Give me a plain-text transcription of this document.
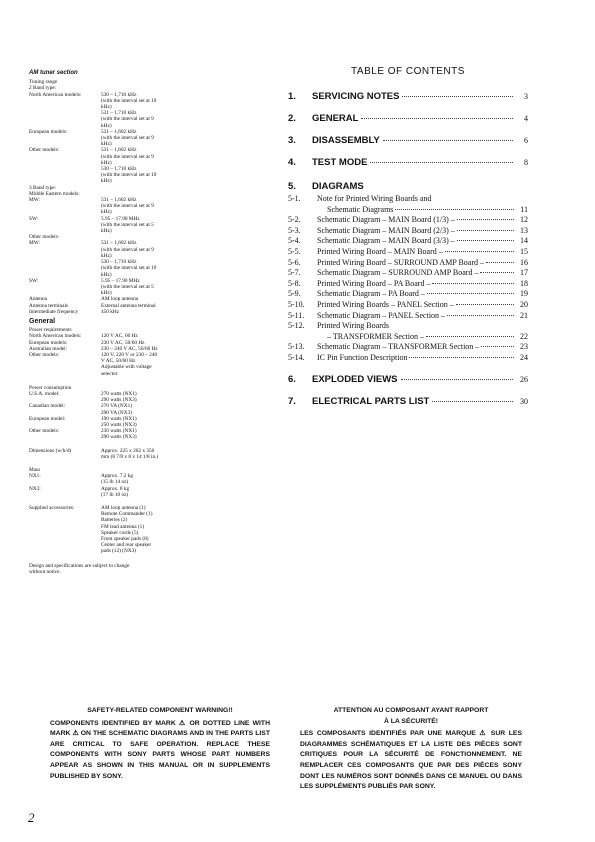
AM tuner section
Tuning range
2 Band type:
North American models:	530 – 1,710 kHz
(with the interval set at 10
kHz)
531 – 1,710 kHz
(with the interval set at 9
kHz)
European models:	531 – 1,602 kHz
(with the interval set at 9
kHz)
Other models:	531 – 1,602 kHz
(with the interval set at 9
kHz)
530 – 1,710 kHz
(with the interval set at 10
kHz)
3 Band type:
Middle Eastern models:
MW:	531 – 1,602 kHz
(with the interval set at 9
kHz)
SW:	5.95 – 17.90 MHz
(with the interval set at 5
kHz)
Other models:
MW:	531 – 1,602 kHz
(with the interval set at 9
kHz)
530 – 1,710 kHz
(with the interval set at 10
kHz)
SW:	5.95 – 17.90 MHz
(with the interval set at 5
kHz)
Antenna	AM loop antenna
Antenna terminals	External antenna terminal
Intermediate frequency	450 kHz
General
Power requirements
North American models:	120 V AC, 60 Hz
European models:	230 V AC, 50/60 Hz
Australian model:	230 – 240 V AC, 50/60 Hz
Other models:	120 V, 220 V or 230 – 240
V AC, 50/60 Hz
Adjustable with voltage
selector
Power consumption
U.S.A. model:	270 watts (NX1)
290 watts (NX3)
Canadian model:	270 VA (NX1)
290 VA (NX3)
European model:	190 watts (NX1)
250 watts (NX3)
Other models:	230 watts (NX1)
290 watts (NX3)
Dimensions (w/h/d)	Approx. 225 x 202 x 356
mm (8 7/8 x 8 x 14 1/8 in.)
Mass
NX1:	Approx. 7.2 kg
(15 lb 14 oz)
NX3:	Approx. 8 kg
(17 lb 10 oz)
Supplied accessories:	AM loop antenna (1)
Remote Commander (1)
Batteries (2)
FM lead antenna (1)
Speaker cords (5)
Front speaker pads (8)
Center and rear speaker
pads (12) (NX3)
Design and specifications are subject to change
without notice.
TABLE OF CONTENTS
1.	SERVICING NOTES	3
2.	GENERAL	4
3.	DISASSEMBLY	6
4.	TEST MODE	8
5.	DIAGRAMS
5-1.	Note for Printed Wiring Boards and
Schematic Diagrams	11
5-2.	Schematic Diagram – MAIN Board (1/3) –	12
5-3.	Schematic Diagram – MAIN Board (2/3) –	13
5-4.	Schematic Diagram – MAIN Board (3/3) –	14
5-5.	Printed Wiring Board – MAIN Board –	15
5-6.	Printed Wiring Board – SURROUND AMP Board –	16
5-7.	Schematic Diagram – SURROUND AMP Board –	17
5-8.	Printed Wiring Board – PA Board –	18
5-9.	Schematic Diagram – PA Board –	19
5-10.	Printed Wiring Boards – PANEL Section –	20
5-11.	Schematic Diagram – PANEL Section –	21
5-12.	Printed Wiring Boards
– TRANSFORMER Section –	22
5-13.	Schematic Diagram – TRANSFORMER Section –	23
5-14.	IC Pin Function Description	24
6.	EXPLODED VIEWS	26
7.	ELECTRICAL PARTS LIST	30
SAFETY-RELATED COMPONENT WARNING!!

COMPONENTS IDENTIFIED BY MARK ⚠ OR DOTTED LINE WITH MARK ⚠ ON THE SCHEMATIC DIAGRAMS AND IN THE PARTS LIST ARE CRITICAL TO SAFE OPERATION. REPLACE THESE COMPONENTS WITH SONY PARTS WHOSE PART NUMBERS APPEAR AS SHOWN IN THIS MANUAL OR IN SUPPLEMENTS PUBLISHED BY SONY.

ATTENTION AU COMPOSANT AYANT RAPPORT
À LA SÉCURITÉ!

LES COMPOSANTS IDENTIFIÉS PAR UNE MARQUE ⚠ SUR LES DIAGRAMMES SCHÉMATIQUES ET LA LISTE DES PIÈCES SONT CRITIQUES POUR LA SÉCURITÉ DE FONCTIONNEMENT. NE REMPLACER CES COMPOSANTS QUE PAR DES PIÈCES SONY DONT LES NUMÉROS SONT DONNÉS DANS CE MANUEL OU DANS LES SUPPLÉMENTS PUBLIÉS PAR SONY.

2
